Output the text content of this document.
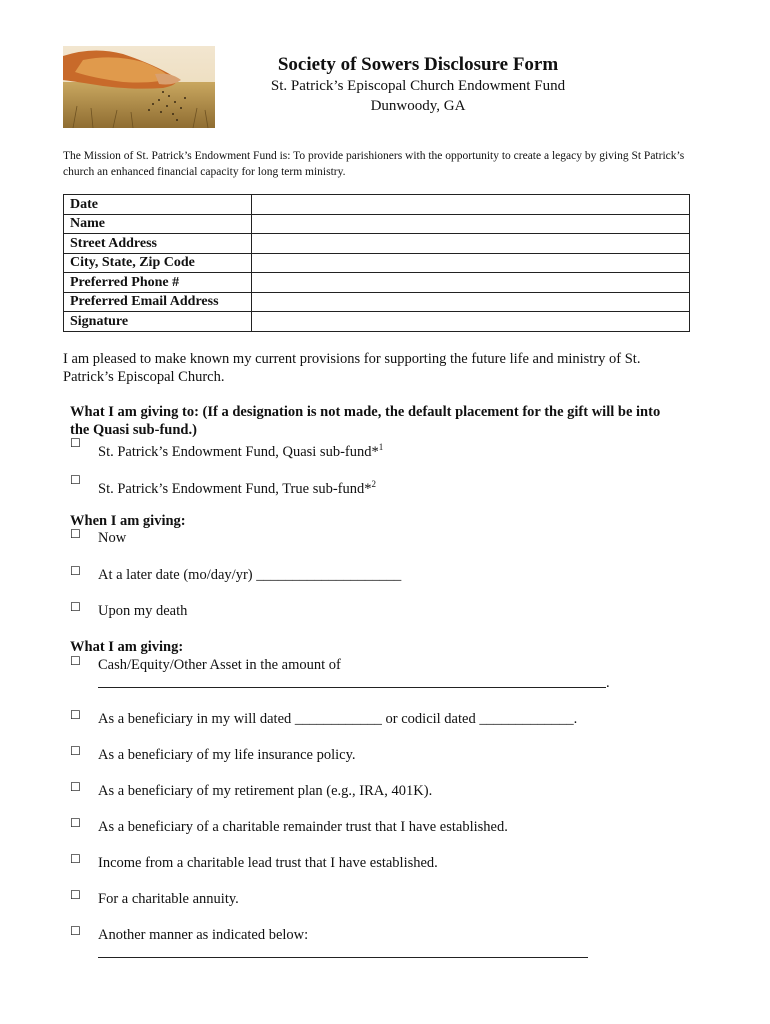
Society of Sowers Disclosure Form
St. Patrick’s Episcopal Church Endowment Fund
Dunwoody, GA
The Mission of St. Patrick’s Endowment Fund is: To provide parishioners with the opportunity to create a legacy by giving St Patrick’s church an enhanced financial capacity for long term ministry.
Date	
Name	
Street Address	
City, State, Zip Code	
Preferred Phone #	
Preferred Email Address	
Signature	
I am pleased to make known my current provisions for supporting the future life and ministry of St. Patrick’s Episcopal Church.
What I am giving to: (If a designation is not made, the default placement for the gift will be into the Quasi sub-fund.)
☐
St. Patrick’s Endowment Fund, Quasi sub-fund*$^1$
☐
St. Patrick’s Endowment Fund, True sub-fund*$^2$
When I am giving:
☐ Now
☐ At a later date (mo/day/yr) ____________________
☐ Upon my death
What I am giving:
☐ Cash/Equity/Other Asset in the amount of
.
☐ As a beneficiary in my will dated ____________ or codicil dated _____________.
☐ As a beneficiary of my life insurance policy.
☐ As a beneficiary of my retirement plan (e.g., IRA, 401K).
☐ As a beneficiary of a charitable remainder trust that I have established.
☐ Income from a charitable lead trust that I have established.
☐ For a charitable annuity.
☐ Another manner as indicated below:
